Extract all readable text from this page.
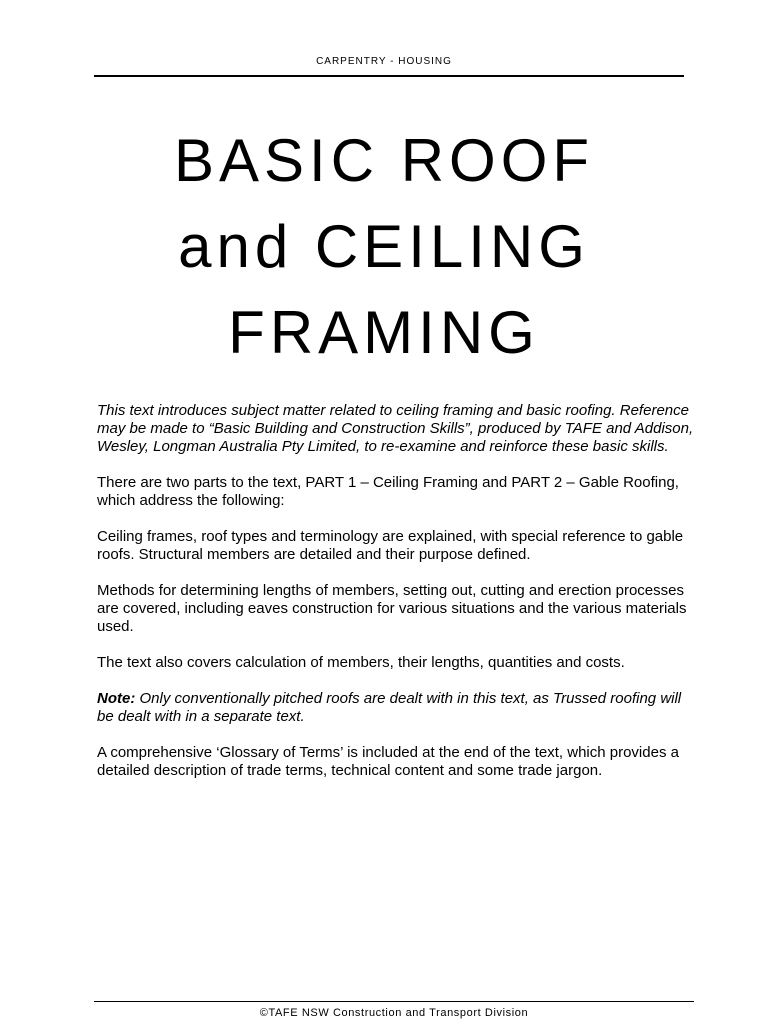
CARPENTRY - HOUSING
BASIC ROOF
and CEILING
FRAMING

This text introduces subject matter related to ceiling framing and basic roofing. Reference may be made to “Basic Building and Construction Skills”, produced by TAFE and Addison, Wesley, Longman Australia Pty Limited, to re-examine and reinforce these basic skills.

There are two parts to the text, PART 1 – Ceiling Framing and PART 2 – Gable Roofing, which address the following:

Ceiling frames, roof types and terminology are explained, with special reference to gable roofs. Structural members are detailed and their purpose defined.

Methods for determining lengths of members, setting out, cutting and erection processes are covered, including eaves construction for various situations and the various materials used.

The text also covers calculation of members, their lengths, quantities and costs.

Note: Only conventionally pitched roofs are dealt with in this text, as Trussed roofing will be dealt with in a separate text.

A comprehensive ‘Glossary of Terms’ is included at the end of the text, which provides a detailed description of trade terms, technical content and some trade jargon.

©TAFE NSW Construction and Transport Division
